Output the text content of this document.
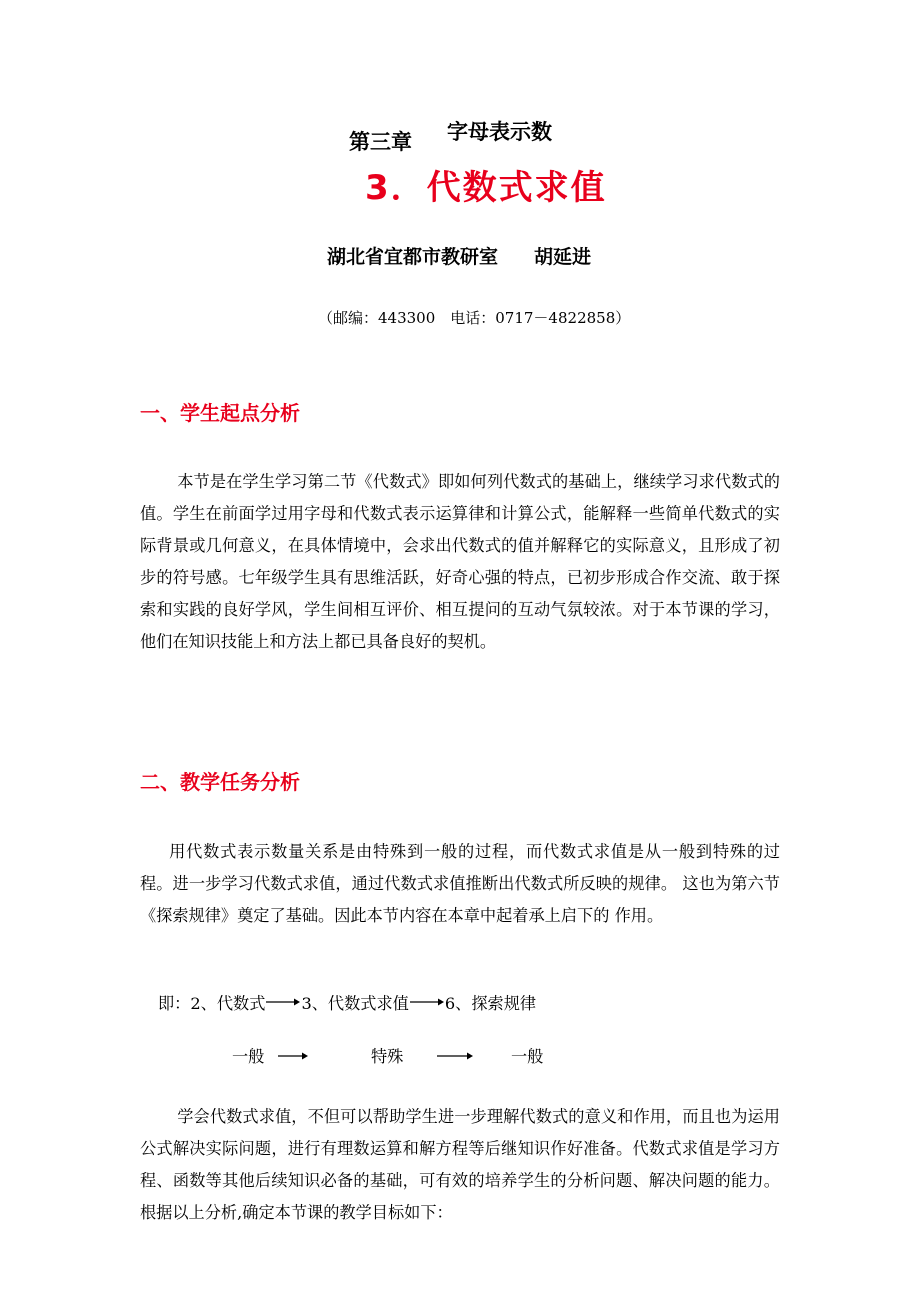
第三章 字母表示数
3．代数式求值
湖北省宜都市教研室 胡延进
（邮编：443300　电话：0717－4822858）
一、学生起点分析

本节是在学生学习第二节《代数式》即如何列代数式的基础上，继续学习求代数式的值。学生在前面学过用字母和代数式表示运算律和计算公式，能解释一些简单代数式的实际背景或几何意义，在具体情境中，会求出代数式的值并解释它的实际意义，且形成了初步的符号感。七年级学生具有思维活跃，好奇心强的特点，已初步形成合作交流、敢于探索和实践的良好学风，学生间相互评价、相互提问的互动气氛较浓。对于本节课的学习，他们在知识技能上和方法上都已具备良好的契机。

二、教学任务分析

用代数式表示数量关系是由特殊到一般的过程，而代数式求值是从一般到特殊的过程。进一步学习代数式求值，通过代数式求值推断出代数式所反映的规律。 这也为第六节《探索规律》奠定了基础。因此本节内容在本章中起着承上启下的 作用。

即：2、代数式 3、代数式求值 6、探索规律
一般	特殊	一般

学会代数式求值，不但可以帮助学生进一步理解代数式的意义和作用，而且也为运用公式解决实际问题，进行有理数运算和解方程等后继知识作好准备。代数式求值是学习方程、函数等其他后续知识必备的基础，可有效的培养学生的分析问题、解决问题的能力。根据以上分析,确定本节课的教学目标如下：
